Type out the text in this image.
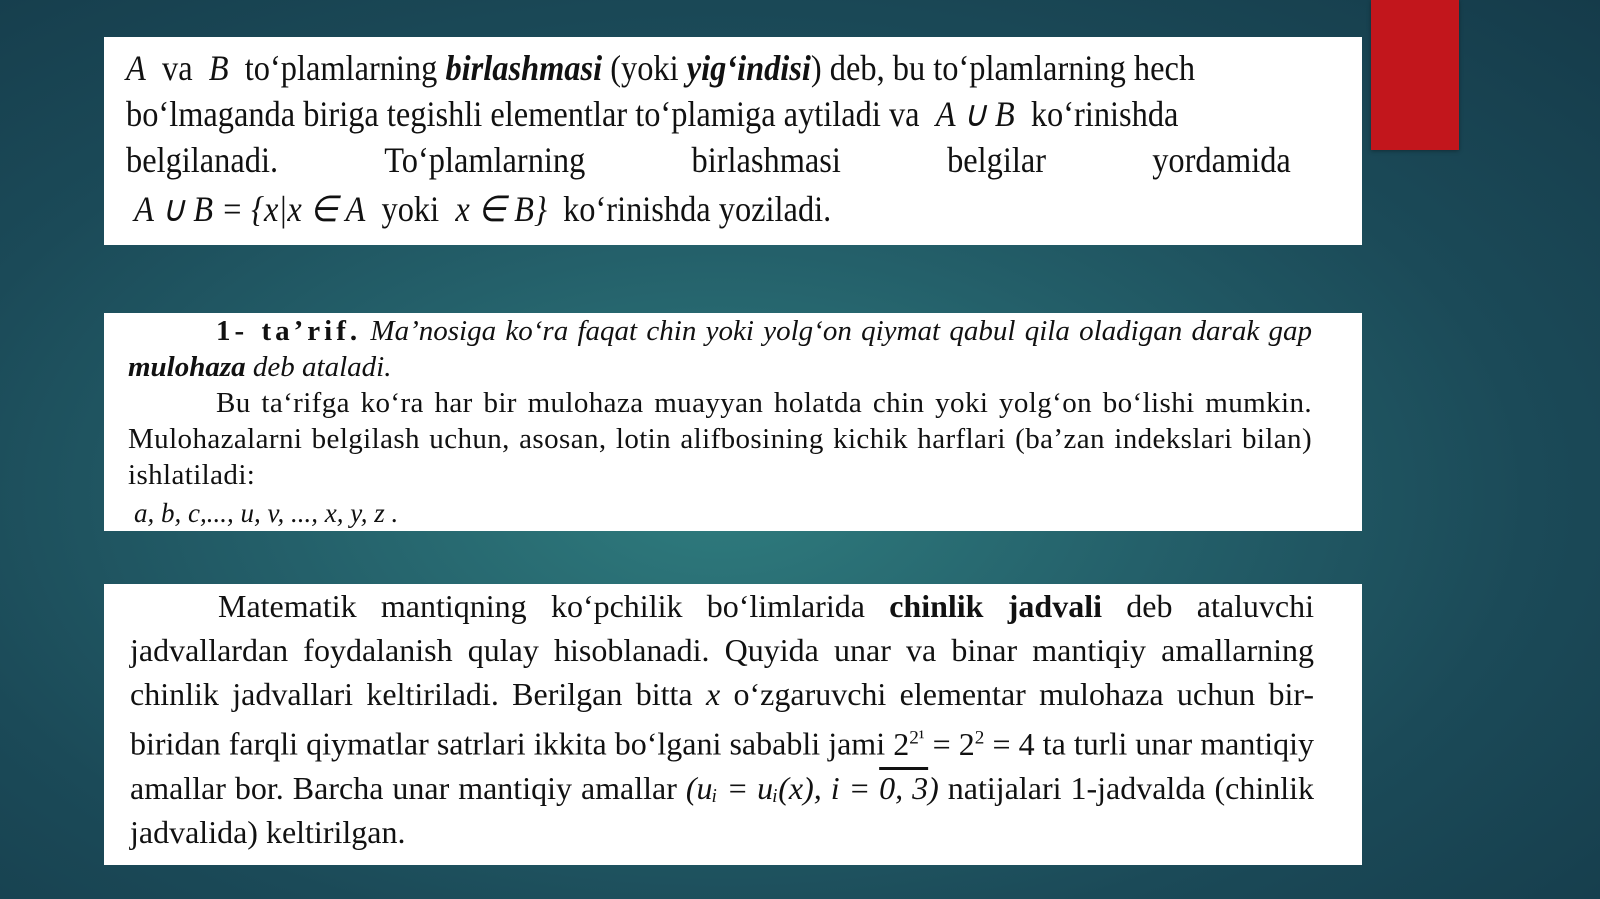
A va B to‘plamlarning birlashmasi (yoki yig‘indisi) deb, bu to‘plamlarning hech

bo‘lmaganda biriga tegishli elementlar to‘plamiga aytiladi va A ∪ B ko‘rinishda

belgilanadi.	To‘plamlarning	birlashmasi	belgilar	yordamida

A ∪ B = {x|x ∈ A yoki x ∈ B} ko‘rinishda yoziladi.

1- ta’rif. Ma’nosiga ko‘ra faqat chin yoki yolg‘on qiymat qabul qila oladigan darak gap mulohaza deb ataladi.

Bu ta‘rifga ko‘ra har bir mulohaza muayyan holatda chin yoki yolg‘on bo‘lishi mumkin. Mulohazalarni belgilash uchun, asosan, lotin alifbosining kichik harflari (ba’zan indekslari bilan) ishlatiladi:

a, b, c,..., u, v, ..., x, y, z .

Matematik mantiqning ko‘pchilik bo‘limlarida chinlik jadvali deb ataluvchi jadvallardan foydalanish qulay hisoblanadi. Quyida unar va binar mantiqiy amallarning chinlik jadvallari keltiriladi. Berilgan bitta x o‘zgaruvchi elementar mulohaza uchun bir-biridan farqli qiymatlar satrlari ikkita bo‘lgani sababli jami $2^{2^1} = 2^2 = 4$ ta turli unar mantiqiy amallar bor. Barcha unar mantiqiy amallar (uᵢ = uᵢ(x), i = 0, 3) natijalari 1-jadvalda (chinlik jadvalida) keltirilgan.
